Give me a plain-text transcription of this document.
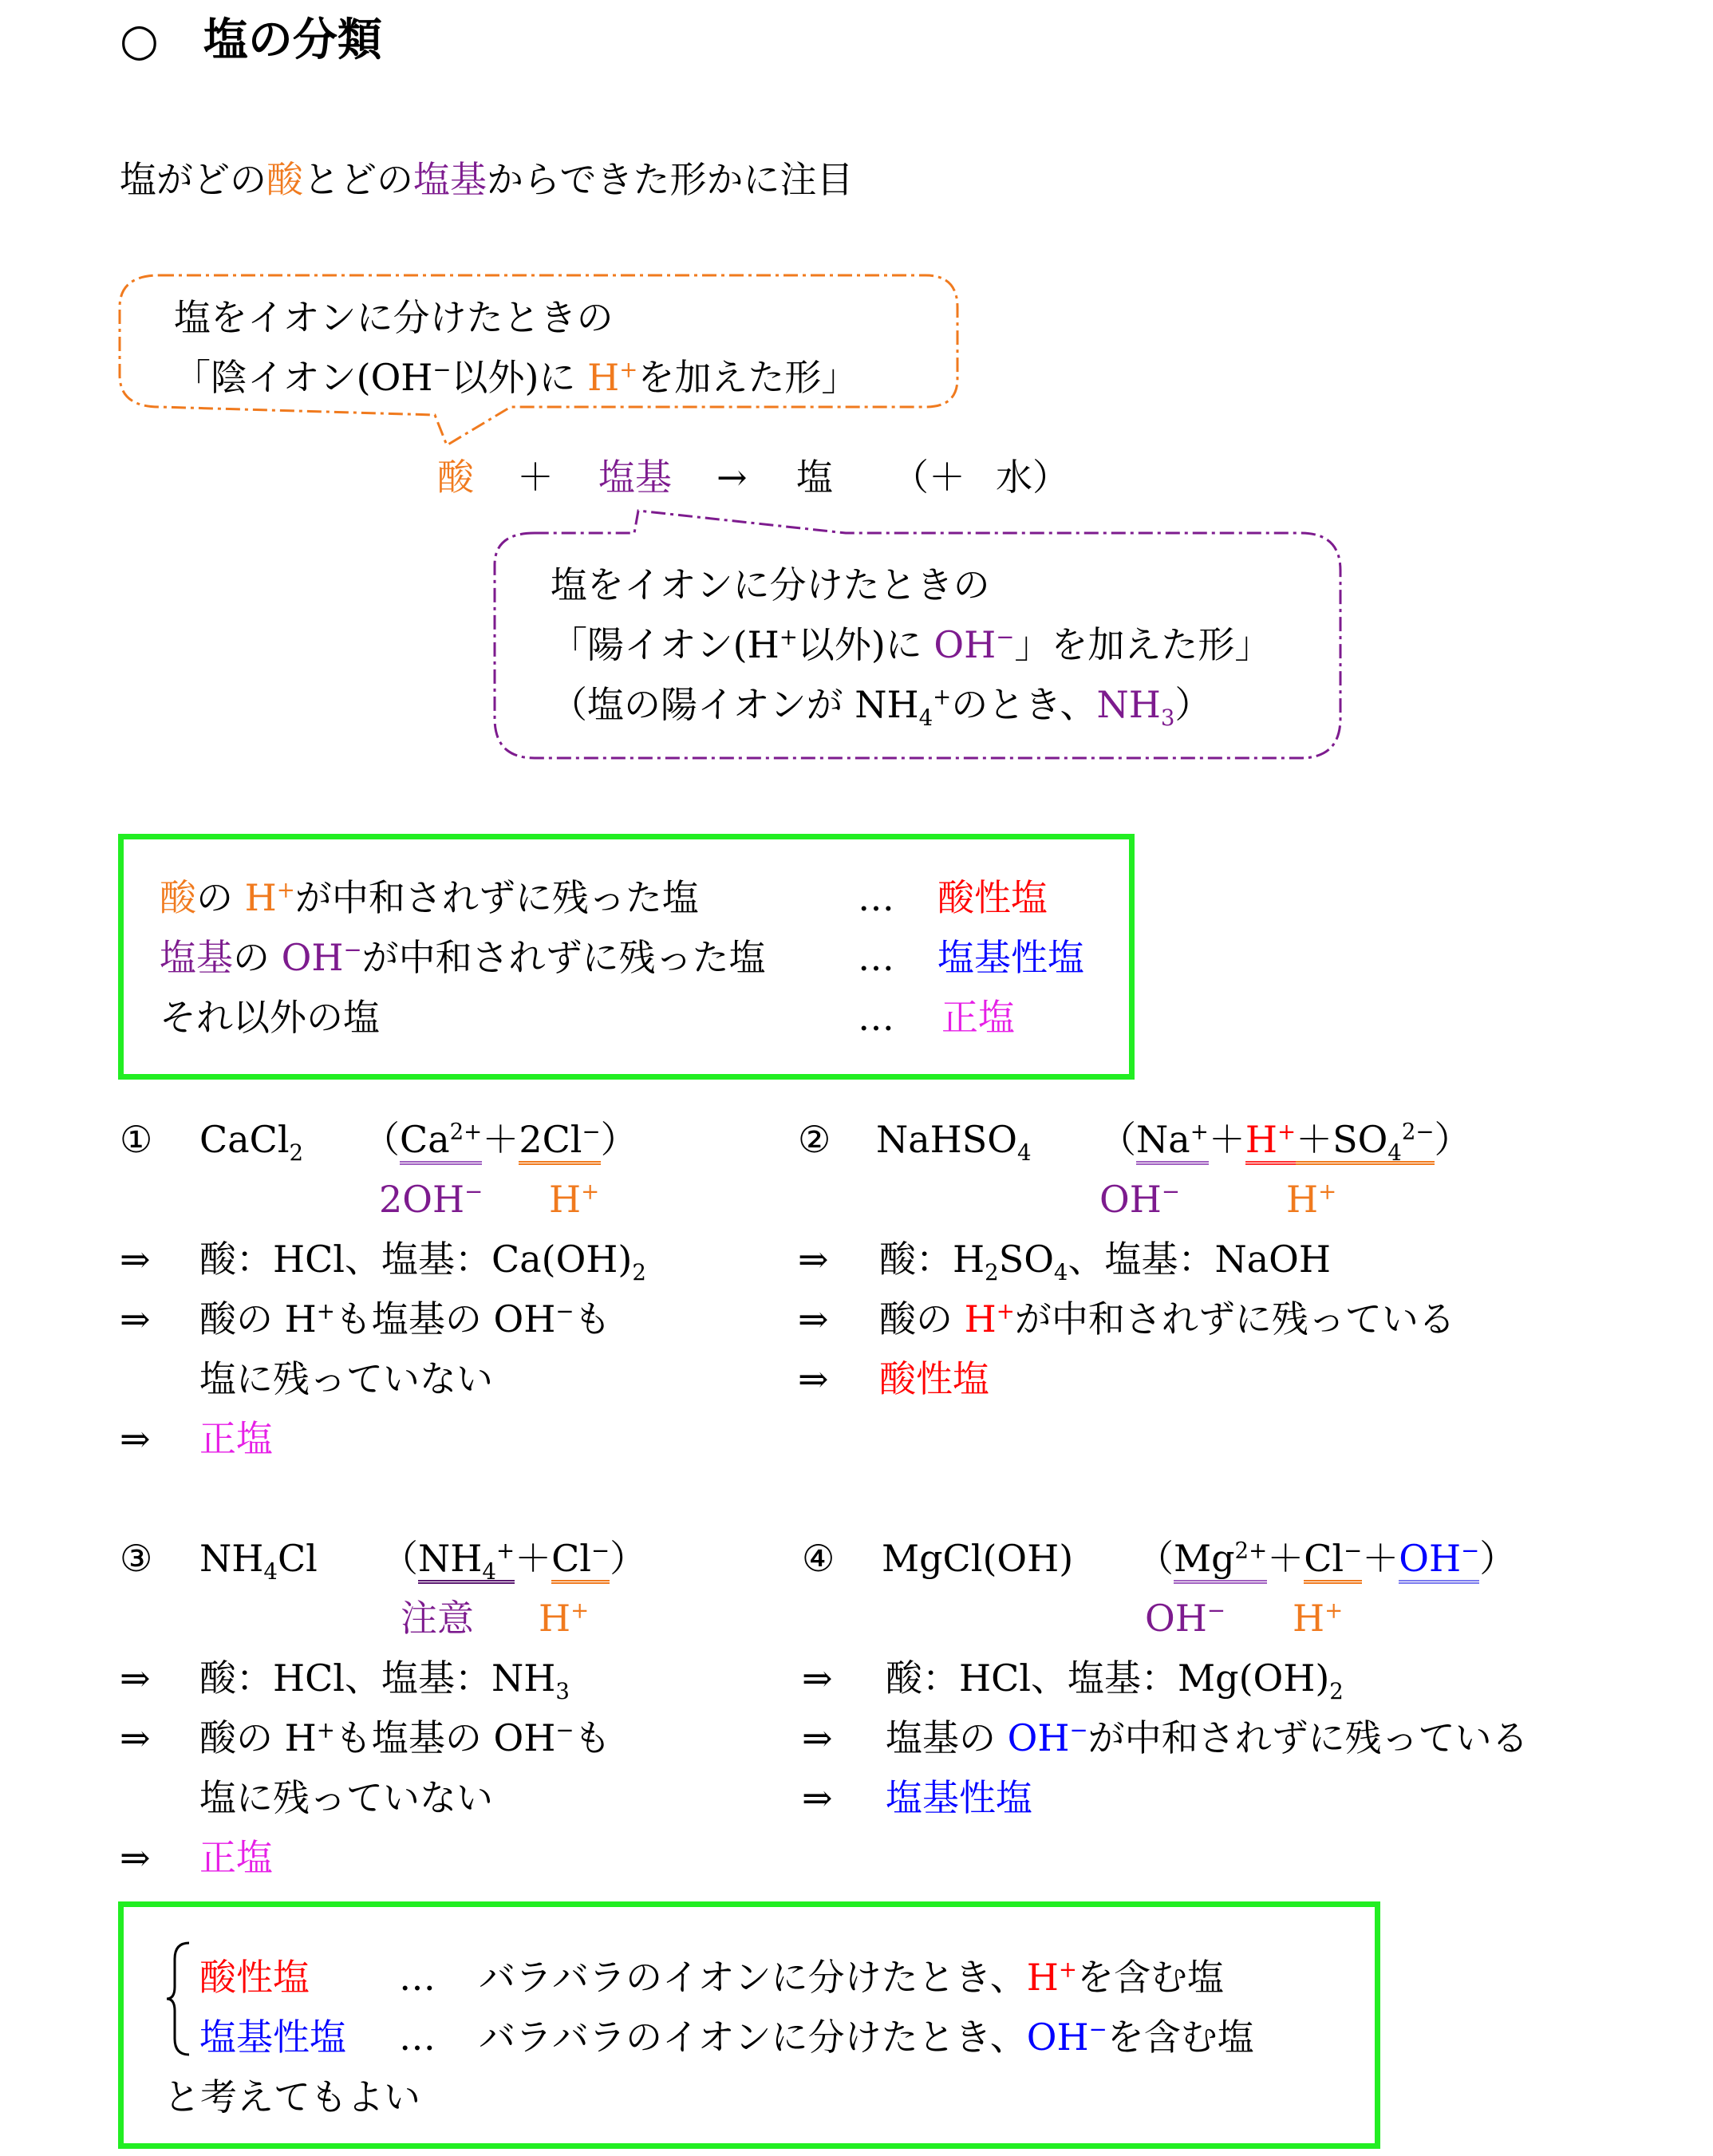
○　塩の分類
塩がどの酸とどの塩基からできた形かに注目
塩をイオンに分けたときの
「陰イオン(OH−以外)に H+を加えた形」
酸 ＋ 塩基 → 塩 （＋ 水）
塩をイオンに分けたときの
「陽イオン(H+以外)に OH−」を加えた形」
（塩の陽イオンが $NH_4^+$のとき、$NH_3$）
酸の H+が中和されずに残った塩	… 酸性塩
塩基の OH−が中和されずに残った塩	… 塩基性塩
それ以外の塩	… 正塩
① CaCl$_2$ $(Ca^{2+}+2Cl^-)$
2OH− H+
⇒ 酸：HCl、塩基：$Ca(OH)_2$
⇒ 酸の H+も塩基の OH−も
塩に残っていない
⇒ 正塩
② NaHSO$_4$ $(Na^++H^++SO_4^{2-})$
OH−	H+
⇒ 酸：$H_2SO_4$、塩基：NaOH
⇒ 酸の H+が中和されずに残っている
⇒ 酸性塩
③ $NH_4Cl$ $(NH_4^++Cl^-)$
注意 H+
⇒ 酸：HCl、塩基：$NH_3$
⇒ 酸の H+も塩基の OH−も
塩に残っていない
⇒ 正塩
④ MgCl(OH) $(Mg^{2+}+Cl^-+OH^-)$
OH− H+
⇒ 酸：HCl、塩基：$Mg(OH)_2$
⇒ 塩基の OH−が中和されずに残っている
⇒ 塩基性塩
酸性塩 … バラバラのイオンに分けたとき、H+を含む塩
塩基性塩 … バラバラのイオンに分けたとき、OH−を含む塩
と考えてもよい
